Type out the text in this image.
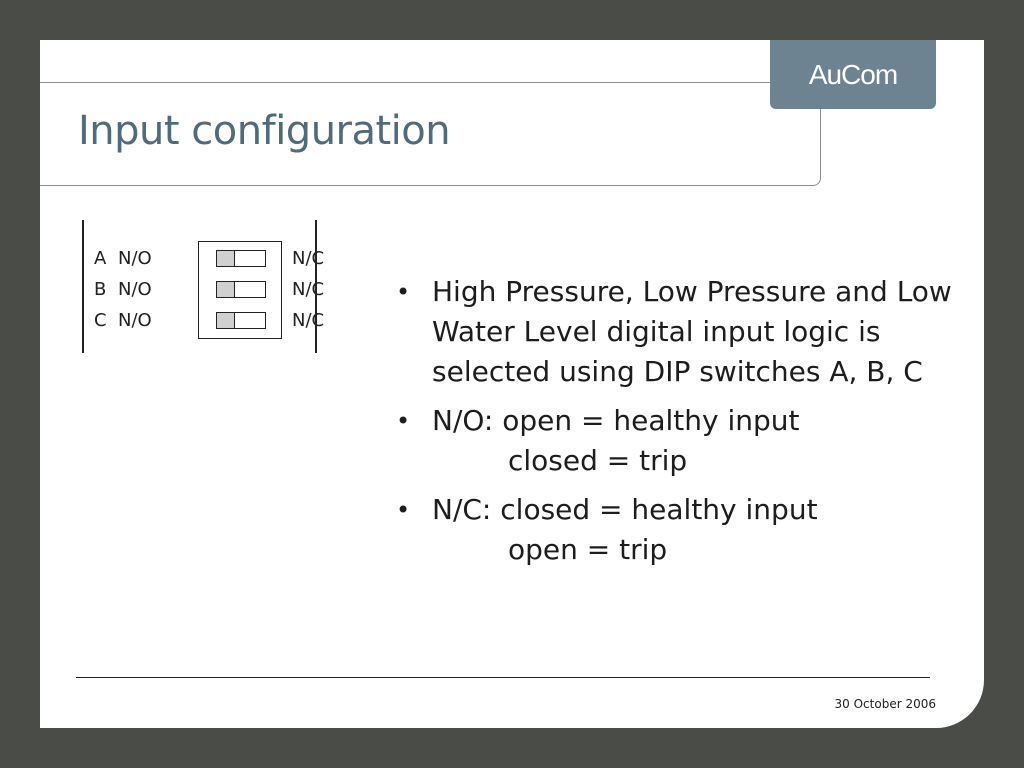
AuCom
Input configuration
A N/O	N/C
B N/O	N/C
C N/O	N/C
• High Pressure, Low Pressure and Low Water Level digital input logic is selected using DIP switches A, B, C
• N/O: open = healthy input
closed = trip
• N/C: closed = healthy input
open = trip
30 October 2006
